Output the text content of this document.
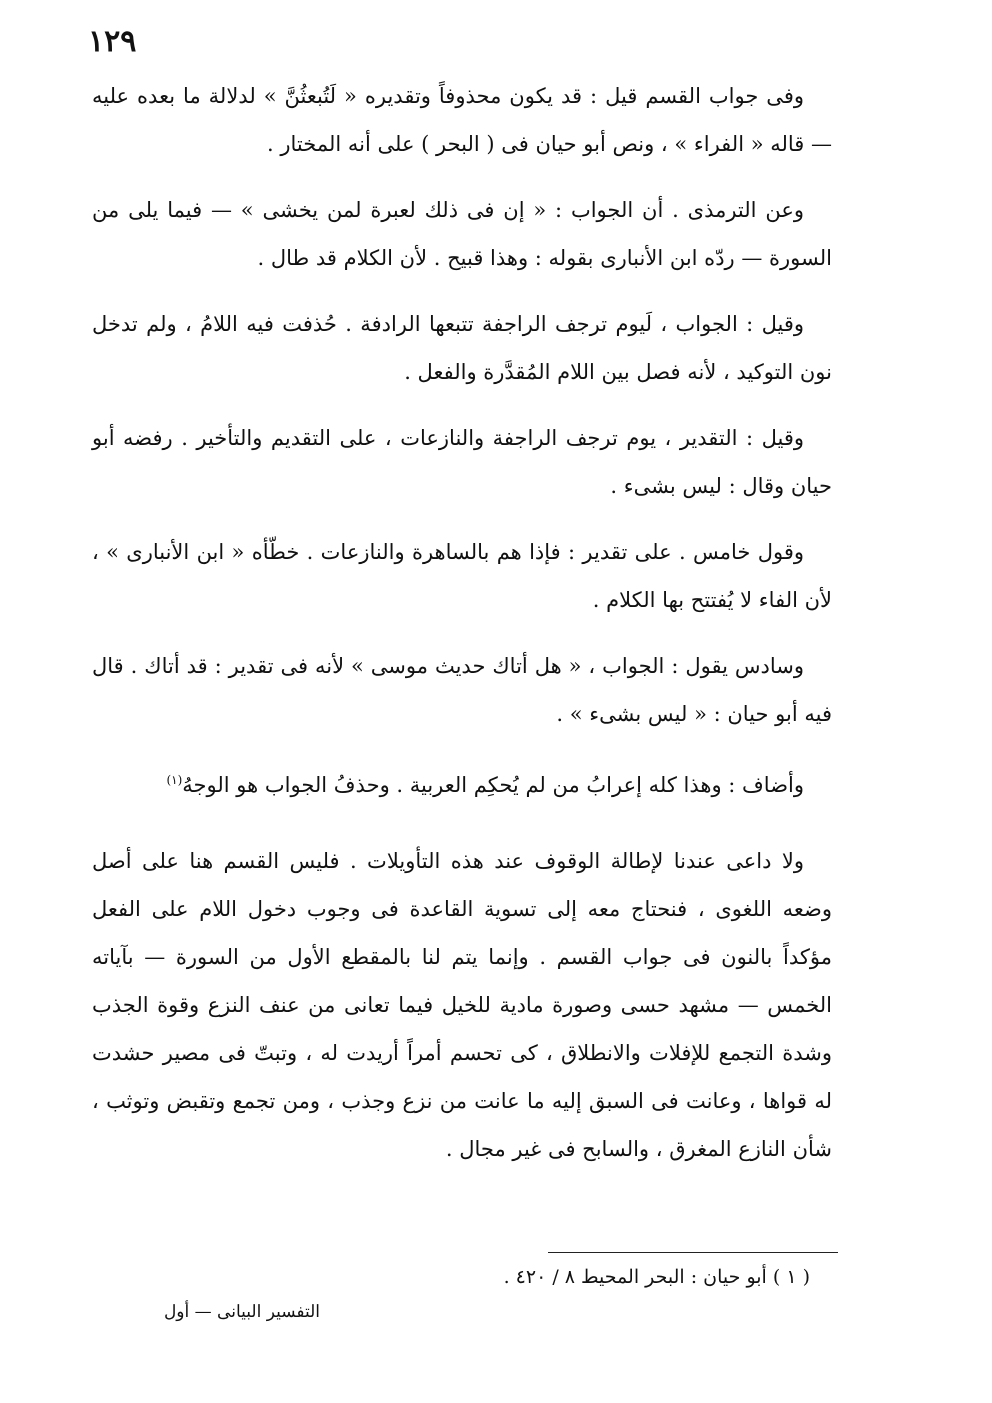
١٢٩

وفى جواب القسم قيل : قد يكون محذوفاً وتقديره « لَتُبعثُنَّ » لدلالة ما بعده عليه — قاله « الفراء » ، ونص أبو حيان فى ( البحر ) على أنه المختار .

وعن الترمذى . أن الجواب : « إن فى ذلك لعبرة لمن يخشى » — فيما يلى من السورة — ردّه ابن الأنبارى بقوله : وهذا قبيح . لأن الكلام قد طال .

وقيل : الجواب ، لَيوم ترجف الراجفة تتبعها الرادفة . حُذفت فيه اللامُ ، ولم تدخل نون التوكيد ، لأنه فصل بين اللام المُقدَّرة والفعل .

وقيل : التقدير ، يوم ترجف الراجفة والنازعات ، على التقديم والتأخير . رفضه أبو حيان وقال : ليس بشىء .

وقول خامس . على تقدير : فإذا هم بالساهرة والنازعات . خطّأه « ابن الأنبارى » ، لأن الفاء لا يُفتتح بها الكلام .

وسادس يقول : الجواب ، « هل أتاك حديث موسى » لأنه فى تقدير : قد أتاك . قال فيه أبو حيان : « ليس بشىء » .

وأضاف : وهذا كله إعرابُ من لم يُحكِم العربية . وحذفُ الجواب هو الوجهُ$^{(١)}$

ولا داعى عندنا لإطالة الوقوف عند هذه التأويلات . فليس القسم هنا على أصل وضعه اللغوى ، فنحتاج معه إلى تسوية القاعدة فى وجوب دخول اللام على الفعل مؤكداً بالنون فى جواب القسم . وإنما يتم لنا بالمقطع الأول من السورة — بآياته الخمس — مشهد حسى وصورة مادية للخيل فيما تعانى من عنف النزع وقوة الجذب وشدة التجمع للإفلات والانطلاق ، كى تحسم أمراً أريدت له ، وتبتّ فى مصير حشدت له قواها ، وعانت فى السبق إليه ما عانت من نزع وجذب ، ومن تجمع وتقبض وتوثب ، شأن النازع المغرق ، والسابح فى غير مجال .

( ١ ) أبو حيان : البحر المحيط ٨ / ٤٢٠ .
التفسير البيانى — أول
